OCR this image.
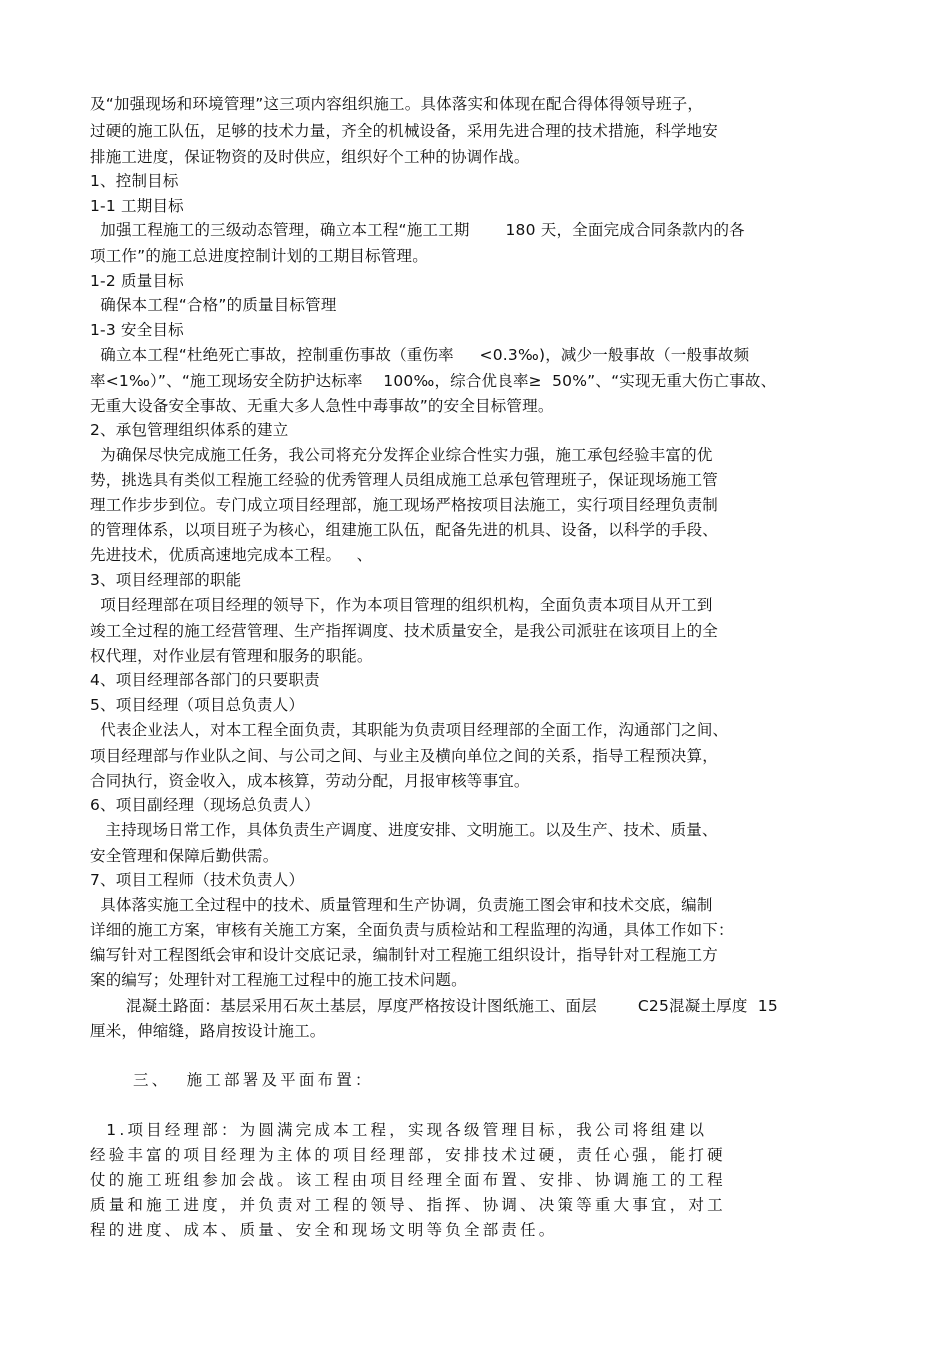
及“加强现场和环境管理”这三项内容组织施工。具体落实和体现在配合得体得领导班子，
过硬的施工队伍，足够的技术力量，齐全的机械设备，采用先进合理的技术措施，科学地安
排施工进度，保证物资的及时供应，组织好个工种的协调作战。
1、控制目标
1-1 工期目标
加强工程施工的三级动态管理，确立本工程“施工工期       180 天，全面完成合同条款内的各
项工作”的施工总进度控制计划的工期目标管理。
1-2 质量目标
确保本工程“合格”的质量目标管理
1-3 安全目标
确立本工程“杜绝死亡事故，控制重伤事故（重伤率     <0.3‰)，减少一般事故（一般事故频
率<1‰）”、“施工现场安全防护达标率    100‰，综合优良率≥  50%”、“实现无重大伤亡事故、
无重大设备安全事故、无重大多人急性中毒事故”的安全目标管理。
2、承包管理组织体系的建立
为确保尽快完成施工任务，我公司将充分发挥企业综合性实力强，施工承包经验丰富的优
势，挑选具有类似工程施工经验的优秀管理人员组成施工总承包管理班子，保证现场施工管
理工作步步到位。专门成立项目经理部，施工现场严格按项目法施工，实行项目经理负责制
的管理体系，以项目班子为核心，组建施工队伍，配备先进的机具、设备，以科学的手段、
先进技术，优质高速地完成本工程。   、
3、项目经理部的职能
项目经理部在项目经理的领导下，作为本项目管理的组织机构，全面负责本项目从开工到
竣工全过程的施工经营管理、生产指挥调度、技术质量安全，是我公司派驻在该项目上的全
权代理，对作业层有管理和服务的职能。
4、项目经理部各部门的只要职责
5、项目经理（项目总负责人）
代表企业法人，对本工程全面负责，其职能为负责项目经理部的全面工作，沟通部门之间、
项目经理部与作业队之间、与公司之间、与业主及横向单位之间的关系，指导工程预决算，
合同执行，资金收入，成本核算，劳动分配，月报审核等事宜。
6、项目副经理（现场总负责人）
主持现场日常工作，具体负责生产调度、进度安排、文明施工。以及生产、技术、质量、
安全管理和保障后勤供需。
7、项目工程师（技术负责人）
具体落实施工全过程中的技术、质量管理和生产协调，负责施工图会审和技术交底，编制
详细的施工方案，审核有关施工方案，全面负责与质检站和工程监理的沟通，具体工作如下：
编写针对工程图纸会审和设计交底记录，编制针对工程施工组织设计，指导针对工程施工方
案的编写；处理针对工程施工过程中的施工技术问题。
混凝土路面：基层采用石灰土基层，厚度严格按设计图纸施工、面层        C25混凝土厚度  15
厘米，伸缩缝，路肩按设计施工。
三、  施工部署及平面布置：
1.项目经理部：为圆满完成本工程，实现各级管理目标，我公司将组建以
经验丰富的项目经理为主体的项目经理部，安排技术过硬，责任心强，能打硬
仗的施工班组参加会战。该工程由项目经理全面布置、安排、协调施工的工程
质量和施工进度，并负责对工程的领导、指挥、协调、决策等重大事宜，对工
程的进度、成本、质量、安全和现场文明等负全部责任。
